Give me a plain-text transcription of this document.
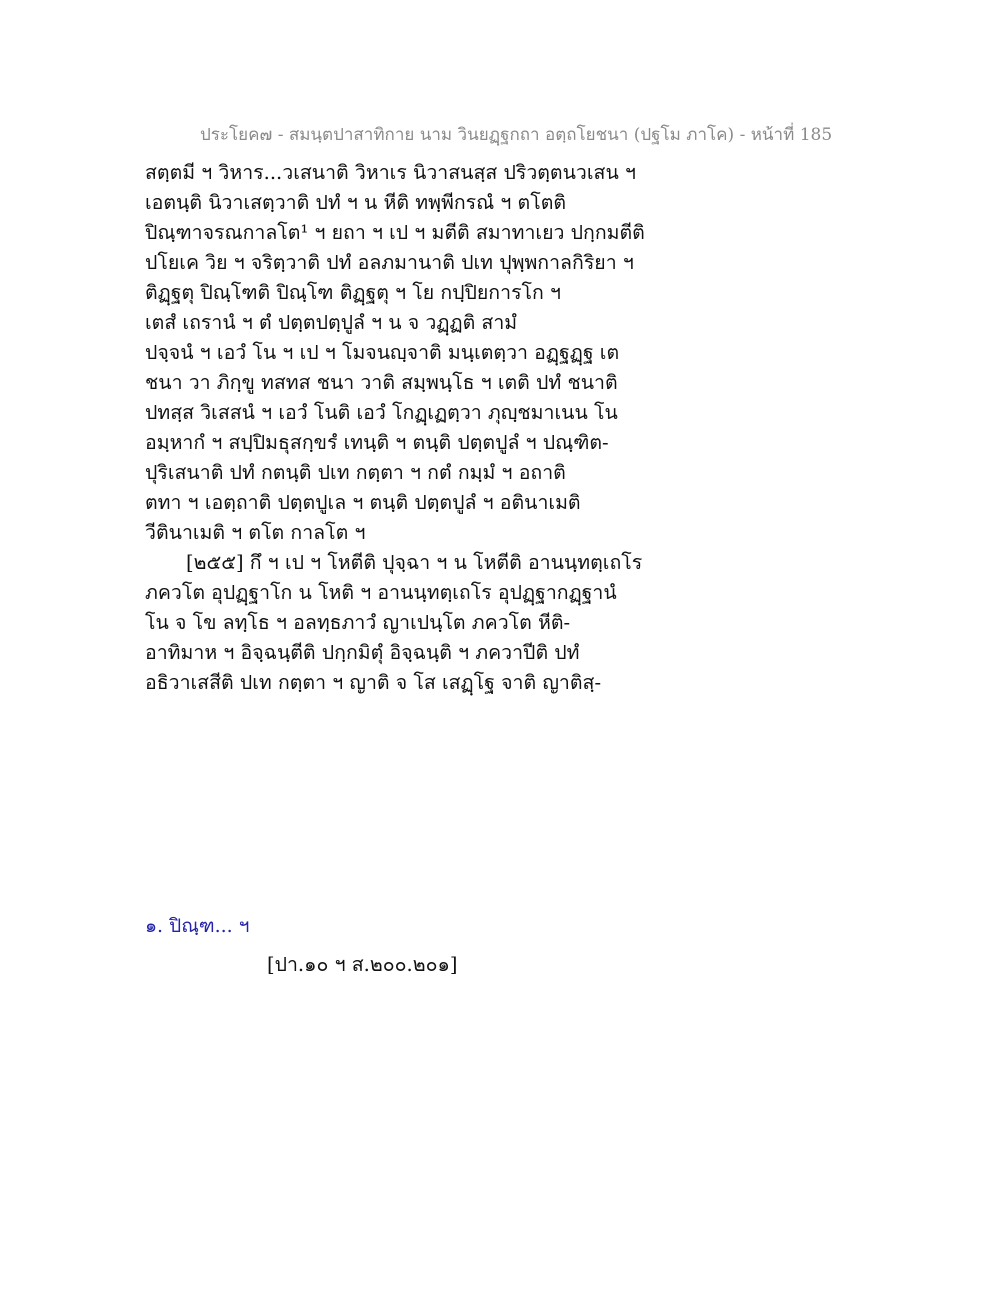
ประโยค๗ - สมนฺตปาสาทิกาย นาม วินยฏฺฐกถา อตฺถโยชนา (ปฐโม ภาโค) - หน้าที่ 185

สตฺตมี ฯ วิหาร...วเสนาติ วิหาเร นิวาสนสฺส ปริวตฺตนวเสน ฯ

เอตนฺติ นิวาเสตฺวาติ ปทํ ฯ น หีติ ทพฺพีกรณํ ฯ ตโตติ

ปิณฺฑาจรณกาลโต¹ ฯ ยถา ฯ เป ฯ มตีติ สมาทาเยว ปกฺกมตีติ

ปโยเค วิย ฯ จริตฺวาติ ปทํ อลภมานาติ ปเท ปุพฺพกาลกิริยา ฯ

ติฏฺฐตุ ปิณฺโฑติ ปิณฺโฑ ติฏฺฐตุ ฯ โย กปฺปิยการโก ฯ

เตสํ เถรานํ ฯ ตํ ปตฺตปตฺปูลํ ฯ น จ วฏฺฏติ สามํ

ปจฺจนํ ฯ เอวํ โน ฯ เป ฯ โมจนญฺจาติ มนฺเตตฺวา อฏฺฐฏฺฐ เต

ชนา วา ภิกฺขู ทสทส ชนา วาติ สมฺพนฺโธ ฯ เตติ ปทํ ชนาติ

ปทสฺส วิเสสนํ ฯ เอวํ โนติ เอวํ โกฏฺเฏตฺวา ภุญฺชมาเนน โน

อมฺหากํ ฯ สปฺปิมธุสกฺขรํ เทนฺติ ฯ ตนฺติ ปตฺตปูลํ ฯ ปณฺฑิต-

ปุริเสนาติ ปทํ กตนฺติ ปเท กตฺตา ฯ กตํ กมฺมํ ฯ อถาติ

ตทา ฯ เอตฺถาติ ปตฺตปูเล ฯ ตนฺติ ปตฺตปูลํ ฯ อตินาเมติ

วีตินาเมติ ฯ ตโต กาลโต ฯ

[๒๕๕] กึ ฯ เป ฯ โหตีติ ปุจฺฉา ฯ น โหตีติ อานนฺทตฺเถโร

ภควโต อุปฏฺฐาโก น โหติ ฯ อานนฺทตฺเถโร อุปฏฺฐากฏฺฐานํ

โน จ โข ลทฺโธ ฯ อลทฺธภาวํ ญาเปนฺโต ภควโต หีติ-

อาทิมาห ฯ อิจฺฉนฺตีติ ปกฺกมิตุํ อิจฺฉนฺติ ฯ ภควาปีติ ปทํ

อธิวาเสสีติ ปเท กตฺตา ฯ ญาติ จ โส เสฏฺโฐ จาติ ญาติสฺ-

๑. ปิณฺฑ... ฯ
[ปา.๑๐ ฯ ส.๒๐๐.๒๐๑]
